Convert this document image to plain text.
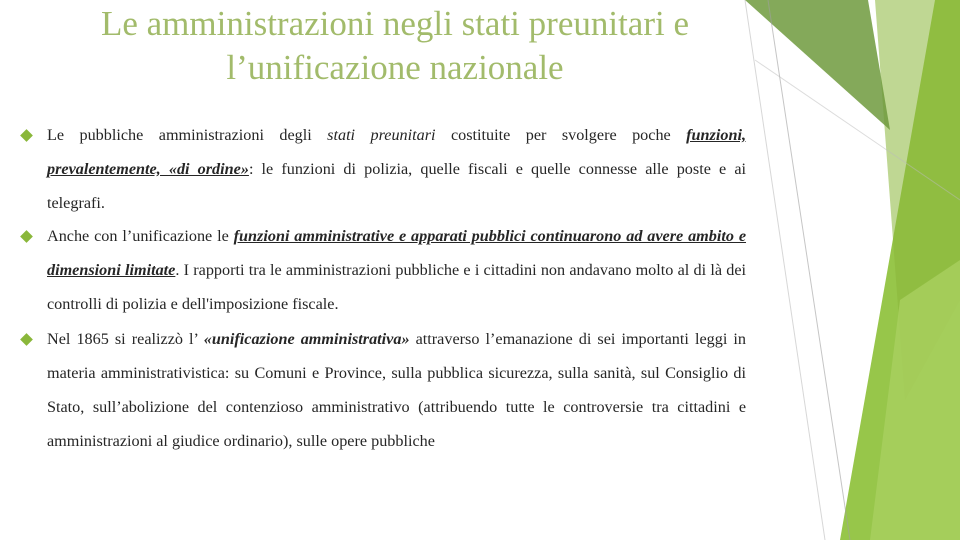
Le amministrazioni negli stati preunitari e
l’unificazione nazionale
Le pubbliche amministrazioni degli stati preunitari costituite per svolgere poche funzioni, prevalentemente, «di ordine»: le funzioni di polizia, quelle fiscali e quelle connesse alle poste e ai telegrafi.
Anche con l’unificazione le funzioni amministrative e apparati pubblici continuarono ad avere ambito e dimensioni limitate. I rapporti tra le amministrazioni pubbliche e i cittadini non andavano molto al di là dei controlli di polizia e dell'imposizione fiscale.
Nel 1865 si realizzò l’ «unificazione amministrativa» attraverso l’emanazione di sei importanti leggi in materia amministrativistica: su Comuni e Province, sulla pubblica sicurezza, sulla sanità, sul Consiglio di Stato, sull’abolizione del contenzioso amministrativo (attribuendo tutte le controversie tra cittadini e amministrazioni al giudice ordinario), sulle opere pubbliche
